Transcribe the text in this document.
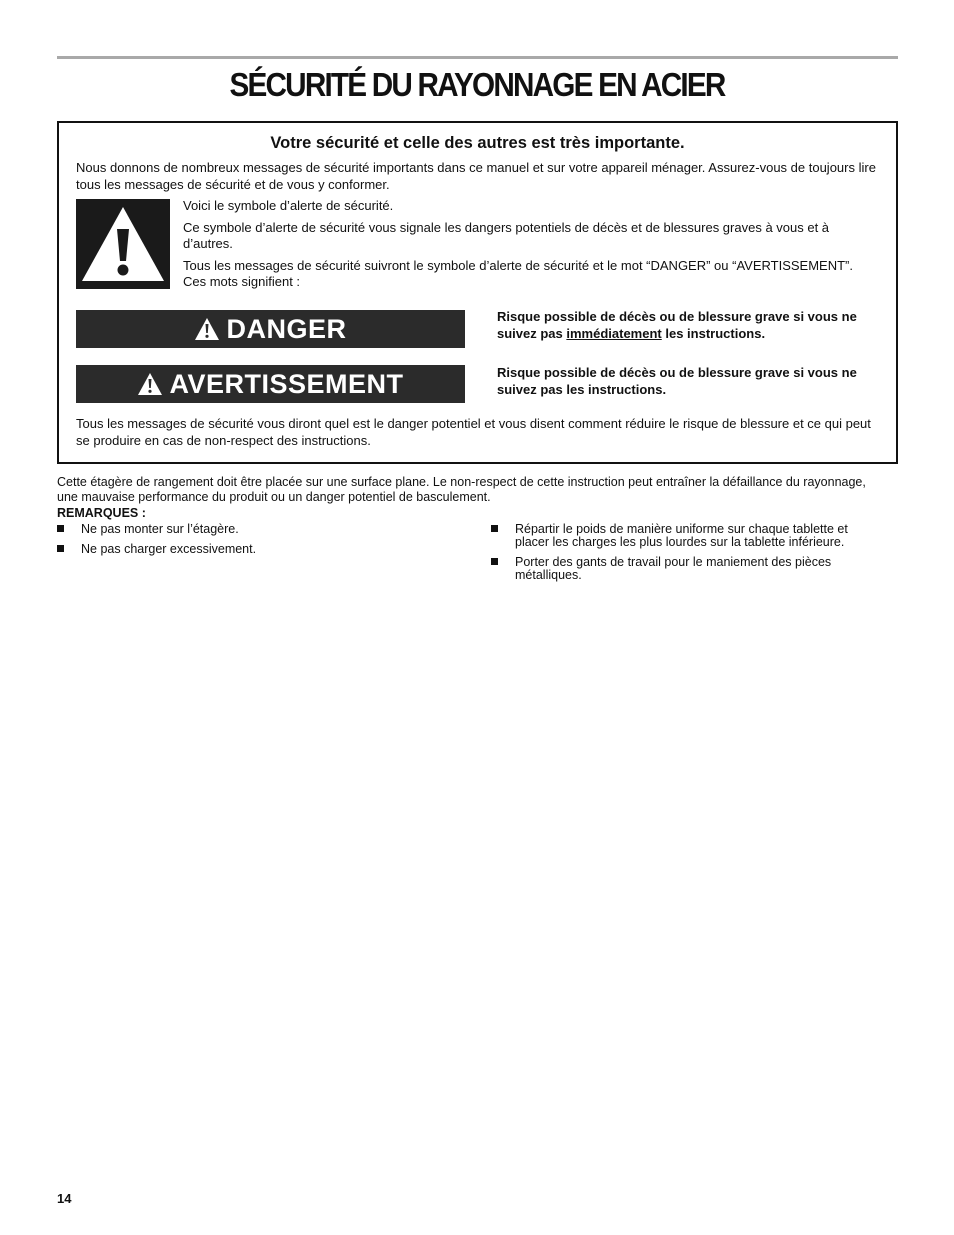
SÉCURITÉ DU RAYONNAGE EN ACIER
Votre sécurité et celle des autres est très importante.

Nous donnons de nombreux messages de sécurité importants dans ce manuel et sur votre appareil ménager. Assurez-vous de toujours lire tous les messages de sécurité et de vous y conformer.

Voici le symbole d’alerte de sécurité.

Ce symbole d’alerte de sécurité vous signale les dangers potentiels de décès et de blessures graves à vous et à d’autres.

Tous les messages de sécurité suivront le symbole d’alerte de sécurité et le mot “DANGER” ou “AVERTISSEMENT”. Ces mots signifient :

DANGER	Risque possible de décès ou de blessure grave si vous ne suivez pas immédiatement les instructions.

AVERTISSEMENT	Risque possible de décès ou de blessure grave si vous ne suivez pas les instructions.

Tous les messages de sécurité vous diront quel est le danger potentiel et vous disent comment réduire le risque de blessure et ce qui peut se produire en cas de non-respect des instructions.

Cette étagère de rangement doit être placée sur une surface plane. Le non-respect de cette instruction peut entraîner la défaillance du rayonnage, une mauvaise performance du produit ou un danger potentiel de basculement.

REMARQUES :

Ne pas monter sur l’étagère.
Ne pas charger excessivement.
Répartir le poids de manière uniforme sur chaque tablette et placer les charges les plus lourdes sur la tablette inférieure.
Porter des gants de travail pour le maniement des pièces métalliques.

14
